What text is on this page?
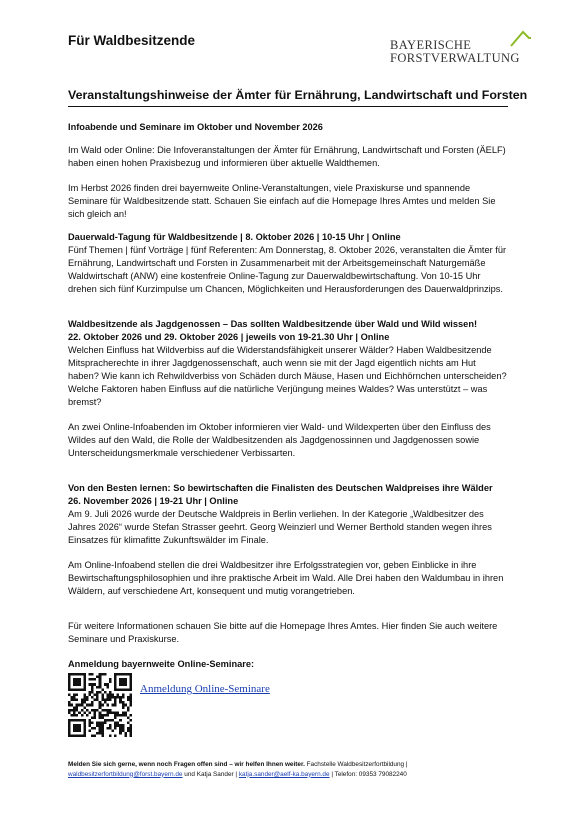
Für Waldbesitzende	BAYERISCHE
FORSTVERWALTUNG
Veranstaltungshinweise der Ämter für Ernährung, Landwirtschaft und Forsten

Infoabende und Seminare im Oktober und November 2026

Im Wald oder Online: Die Infoveranstaltungen der Ämter für Ernährung, Landwirtschaft und Forsten (ÄELF) haben einen hohen Praxisbezug und informieren über aktuelle Waldthemen.

Im Herbst 2026 finden drei bayernweite Online-Veranstaltungen, viele Praxiskurse und spannende Seminare für Waldbesitzende statt. Schauen Sie einfach auf die Homepage Ihres Amtes und melden Sie sich gleich an!

Dauerwald-Tagung für Waldbesitzende | 8. Oktober 2026 | 10-15 Uhr | Online

Fünf Themen | fünf Vorträge | fünf Referenten: Am Donnerstag, 8. Oktober 2026, veranstalten die Ämter für Ernährung, Landwirtschaft und Forsten in Zusammenarbeit mit der Arbeitsgemeinschaft Naturgemäße Waldwirtschaft (ANW) eine kostenfreie Online-Tagung zur Dauerwaldbewirtschaftung. Von 10-15 Uhr drehen sich fünf Kurzimpulse um Chancen, Möglichkeiten und Herausforderungen des Dauerwaldprinzips.

Waldbesitzende als Jagdgenossen – Das sollten Waldbesitzende über Wald und Wild wissen!

22. Oktober 2026 und 29. Oktober 2026 | jeweils von 19-21.30 Uhr | Online

Welchen Einfluss hat Wildverbiss auf die Widerstandsfähigkeit unserer Wälder? Haben Waldbesitzende Mitspracherechte in ihrer Jagdgenossenschaft, auch wenn sie mit der Jagd eigentlich nichts am Hut haben? Wie kann ich Rehwildverbiss von Schäden durch Mäuse, Hasen und Eichhörnchen unterscheiden? Welche Faktoren haben Einfluss auf die natürliche Verjüngung meines Waldes? Was unterstützt – was bremst?

An zwei Online-Infoabenden im Oktober informieren vier Wald- und Wildexperten über den Einfluss des Wildes auf den Wald, die Rolle der Waldbesitzenden als Jagdgenossinnen und Jagdgenossen sowie Unterscheidungsmerkmale verschiedener Verbissarten.

Von den Besten lernen: So bewirtschaften die Finalisten des Deutschen Waldpreises ihre Wälder

26. November 2026 | 19-21 Uhr | Online

Am 9. Juli 2026 wurde der Deutsche Waldpreis in Berlin verliehen. In der Kategorie „Waldbesitzer des Jahres 2026“ wurde Stefan Strasser geehrt. Georg Weinzierl und Werner Berthold standen wegen ihres Einsatzes für klimafitte Zukunftswälder im Finale.

Am Online-Infoabend stellen die drei Waldbesitzer ihre Erfolgsstrategien vor, geben Einblicke in ihre Bewirtschaftungsphilosophien und ihre praktische Arbeit im Wald. Alle Drei haben den Waldumbau in ihren Wäldern, auf verschiedene Art, konsequent und mutig vorangetrieben.

Für weitere Informationen schauen Sie bitte auf die Homepage Ihres Amtes. Hier finden Sie auch weitere Seminare und Praxiskurse.

Anmeldung bayernweite Online-Seminare:

Anmeldung Online-Seminare
Melden Sie sich gerne, wenn noch Fragen offen sind – wir helfen Ihnen weiter. Fachstelle Waldbesitzerfortbildung |
waldbesitzerfortbildung@forst.bayern.de und Katja Sander | katja.sander@aelf-ka.bayern.de | Telefon: 09353 79082240
